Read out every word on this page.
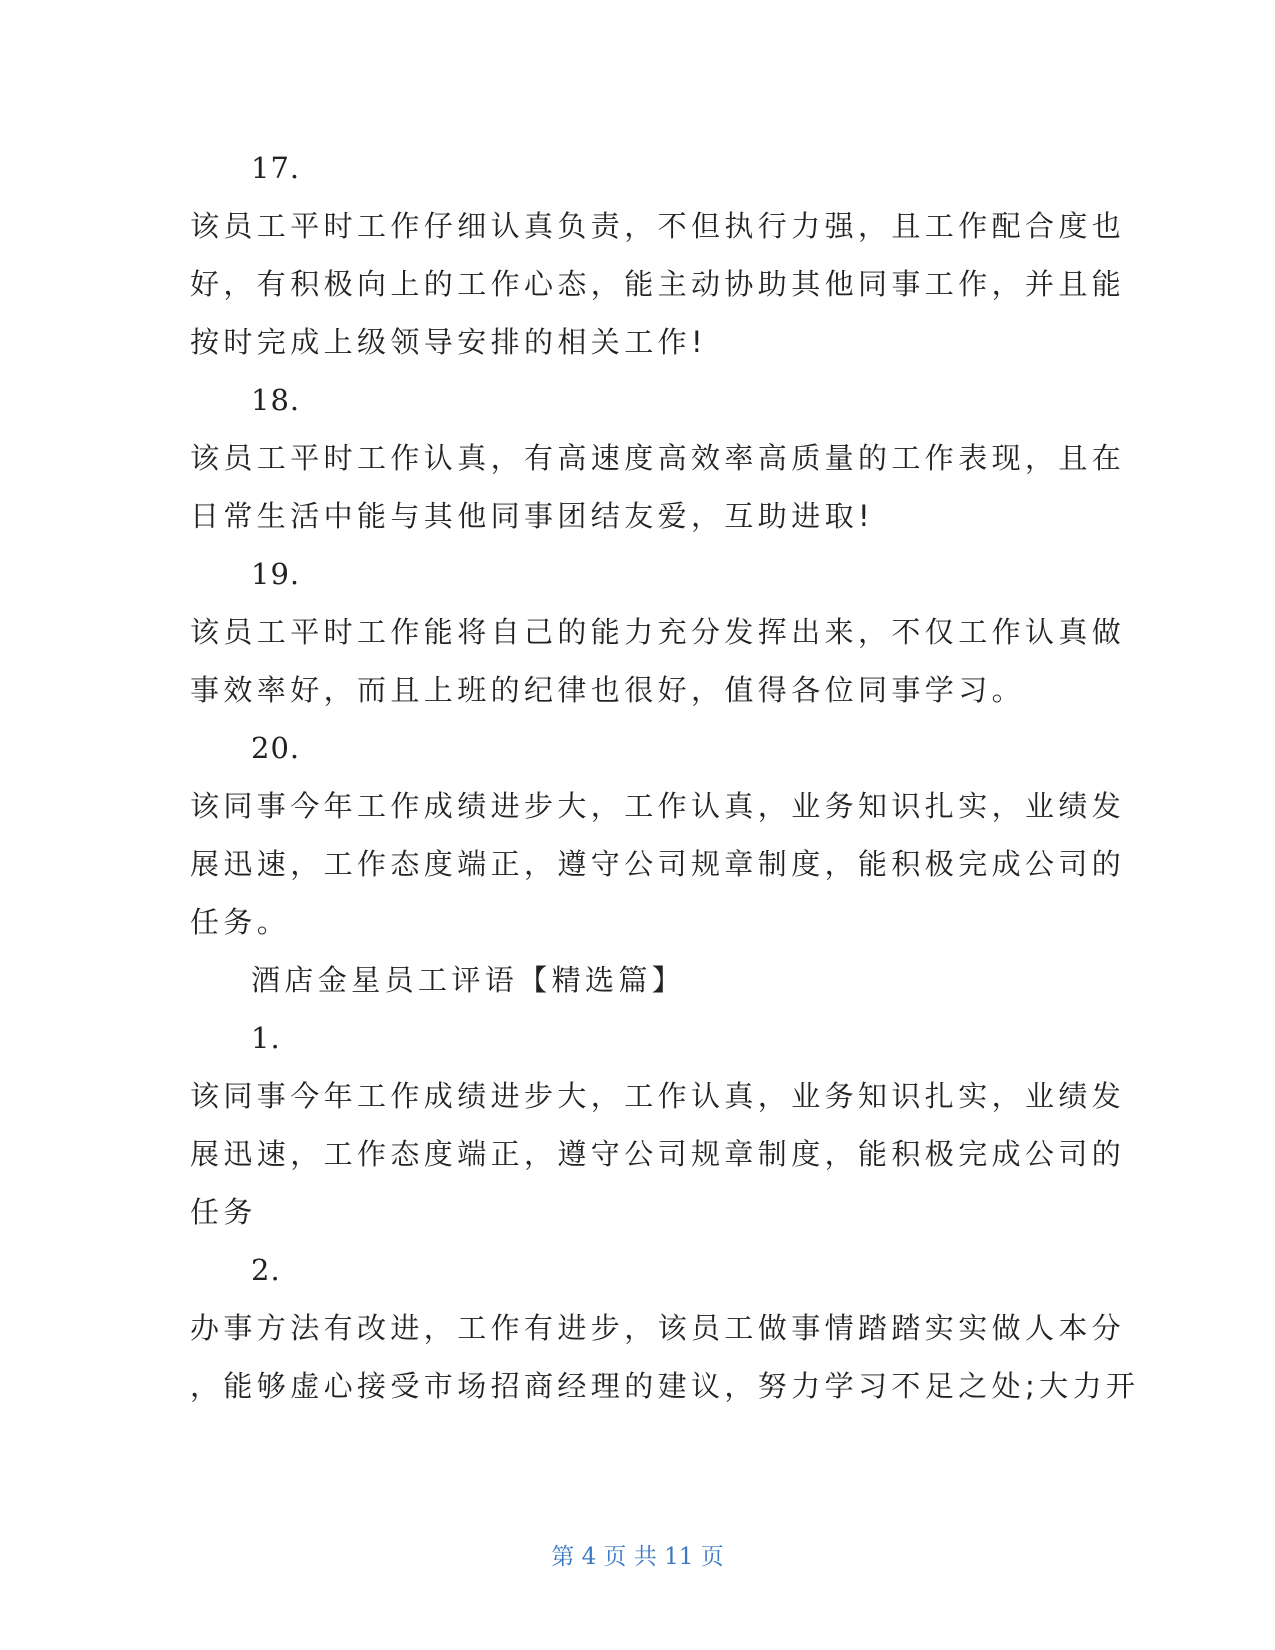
17.
该员工平时工作仔细认真负责，不但执行力强，且工作配合度也
好，有积极向上的工作心态，能主动协助其他同事工作，并且能
按时完成上级领导安排的相关工作!
18.
该员工平时工作认真，有高速度高效率高质量的工作表现，且在
日常生活中能与其他同事团结友爱，互助进取!
19.
该员工平时工作能将自己的能力充分发挥出来，不仅工作认真做
事效率好，而且上班的纪律也很好，值得各位同事学习。
20.
该同事今年工作成绩进步大，工作认真，业务知识扎实，业绩发
展迅速，工作态度端正，遵守公司规章制度，能积极完成公司的
任务。
酒店金星员工评语【精选篇】
1.
该同事今年工作成绩进步大，工作认真，业务知识扎实，业绩发
展迅速，工作态度端正，遵守公司规章制度，能积极完成公司的
任务
2.
办事方法有改进，工作有进步，该员工做事情踏踏实实做人本分
，能够虚心接受市场招商经理的建议，努力学习不足之处;大力开
第 4 页 共 11 页
